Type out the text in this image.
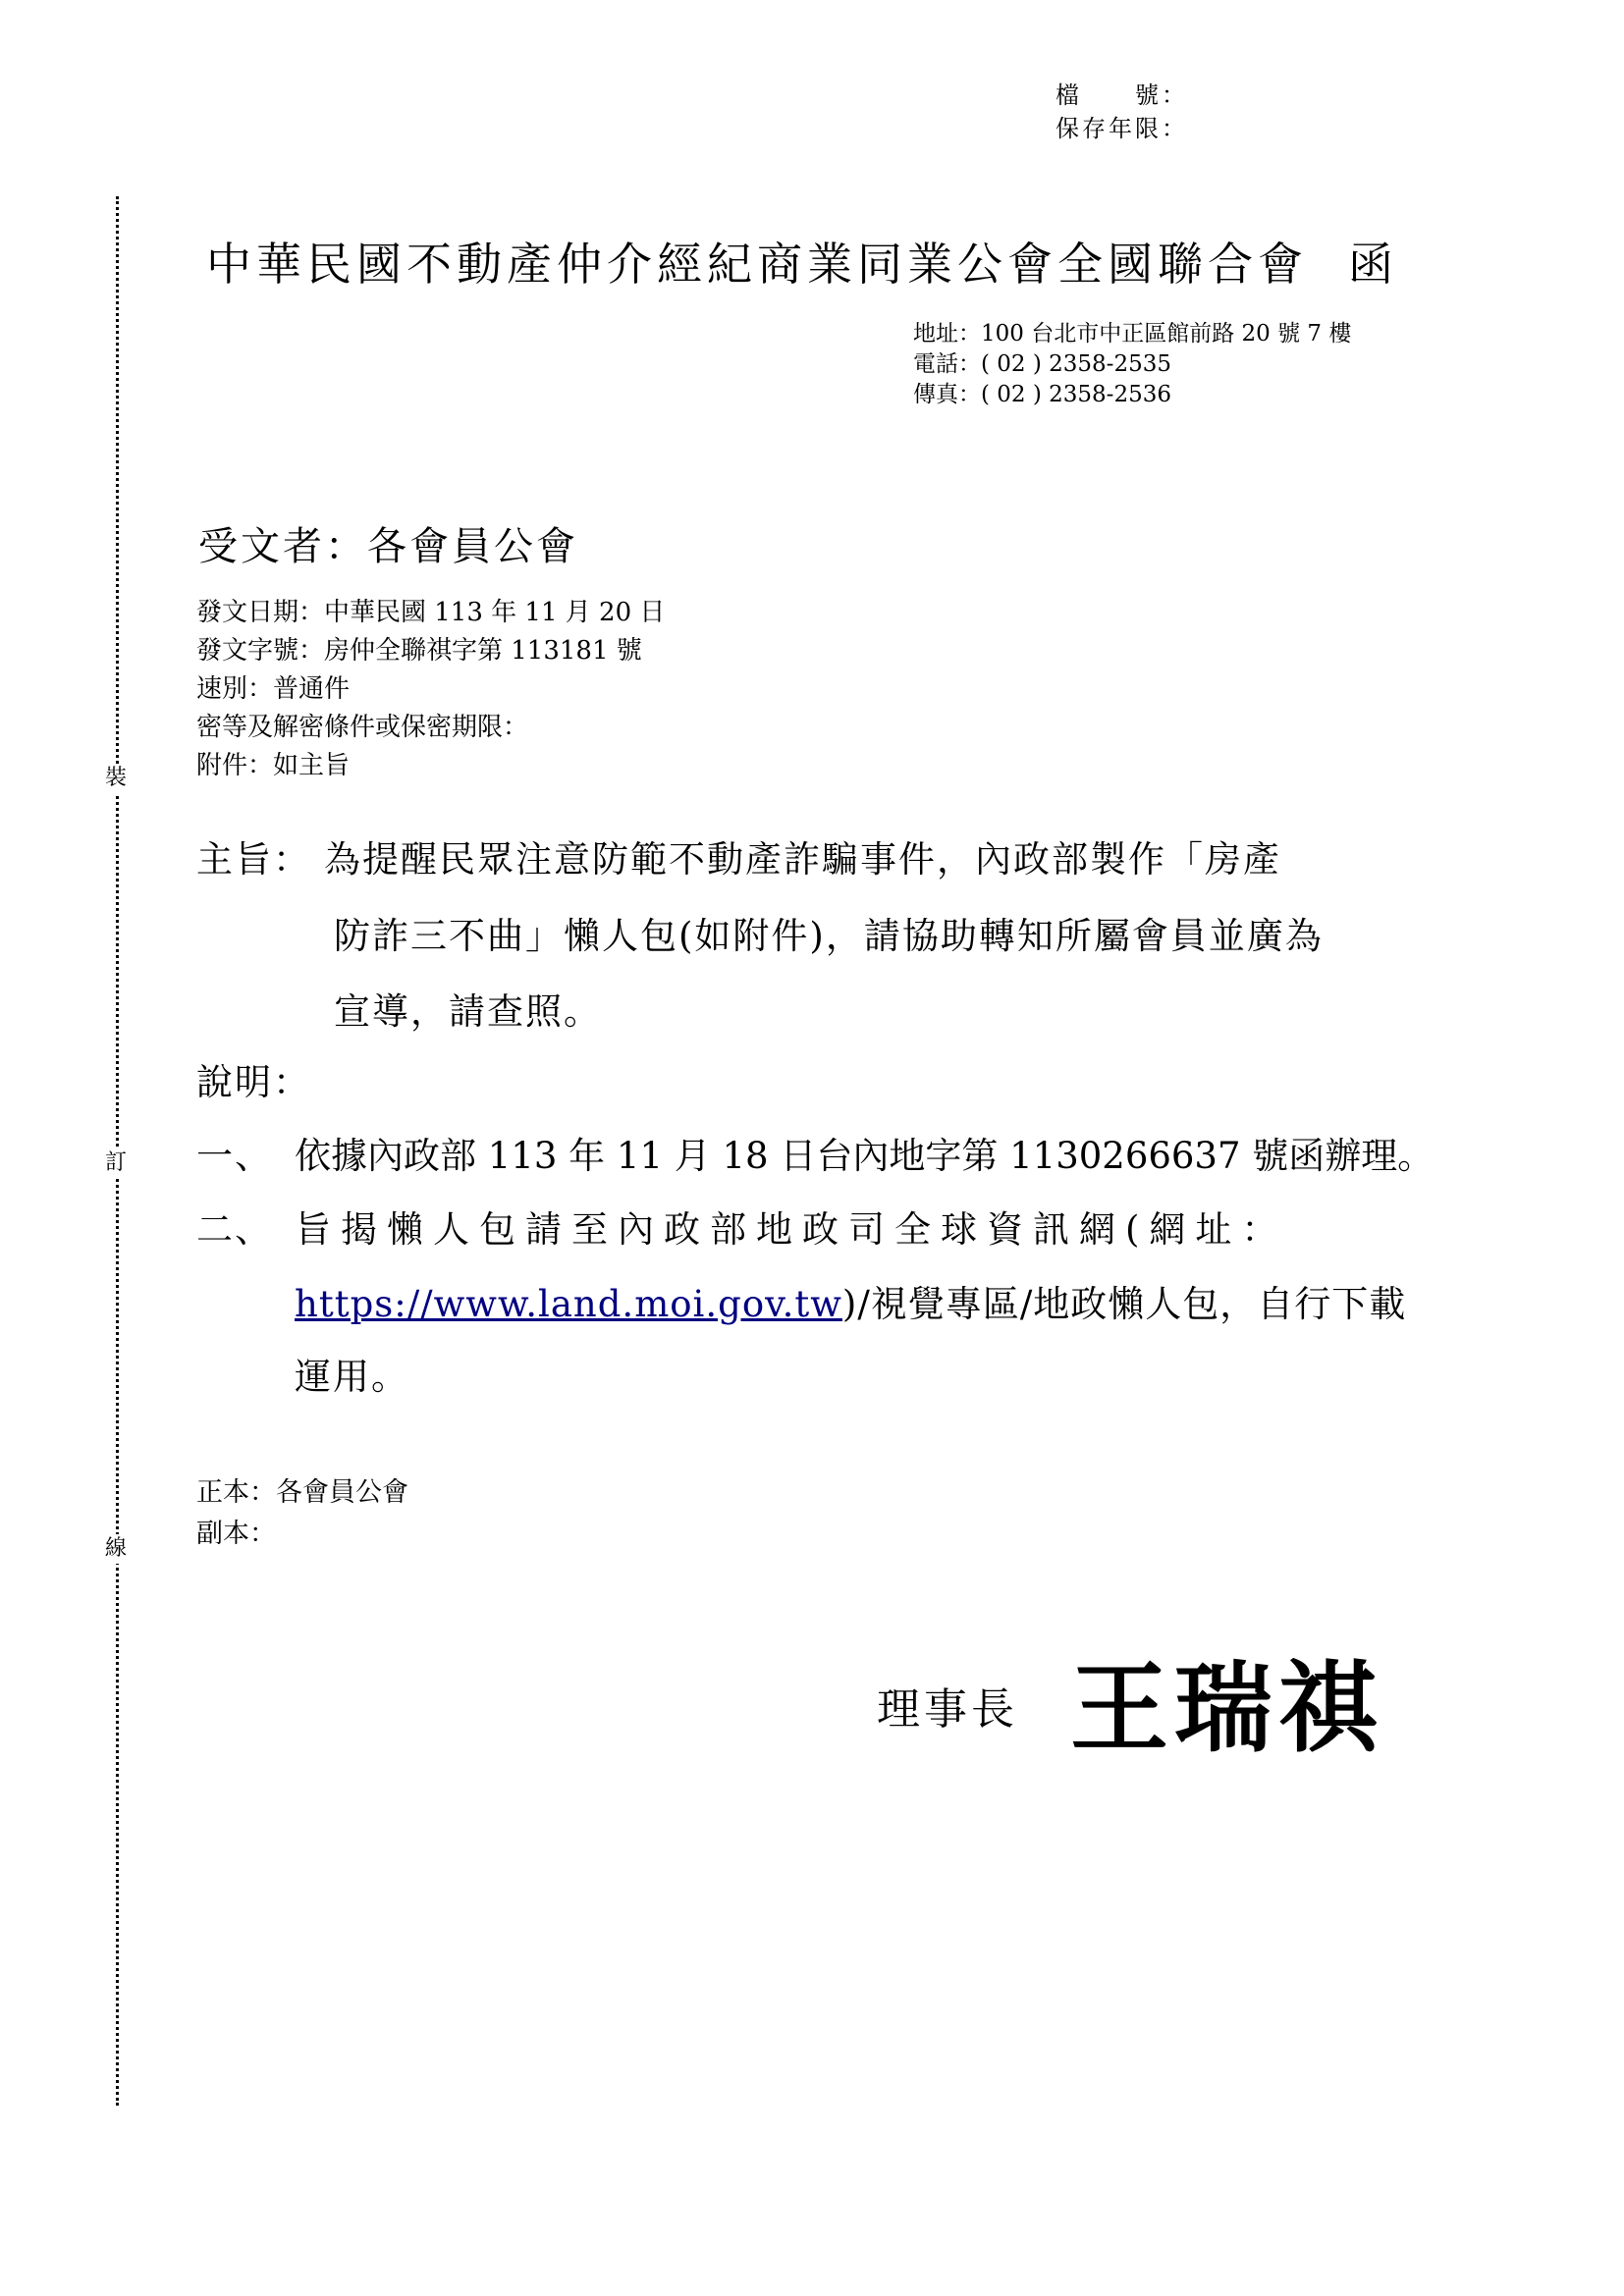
檔　　號：
保存年限：
裝
訂
線
中華民國不動產仲介經紀商業同業公會全國聯合會 函
地址：100 台北市中正區館前路 20 號 7 樓
電話：( 02 ) 2358-2535
傳真：( 02 ) 2358-2536
受文者：各會員公會
發文日期：中華民國 113 年 11 月 20 日
發文字號：房仲全聯祺字第 113181 號
速別：普通件
密等及解密條件或保密期限：
附件：如主旨
主旨： 為提醒民眾注意防範不動產詐騙事件，內政部製作「房產
防詐三不曲」懶人包(如附件)，請協助轉知所屬會員並廣為
宣導，請查照。
說明：
一、 依據內政部 113 年 11 月 18 日台內地字第 1130266637 號函辦理。
二、 旨揭懶人包請至內政部地政司全球資訊網(網址：
https://www.land.moi.gov.tw)/視覺專區/地政懶人包，自行下載
運用。
正本：各會員公會
副本：
理事長 王瑞祺
